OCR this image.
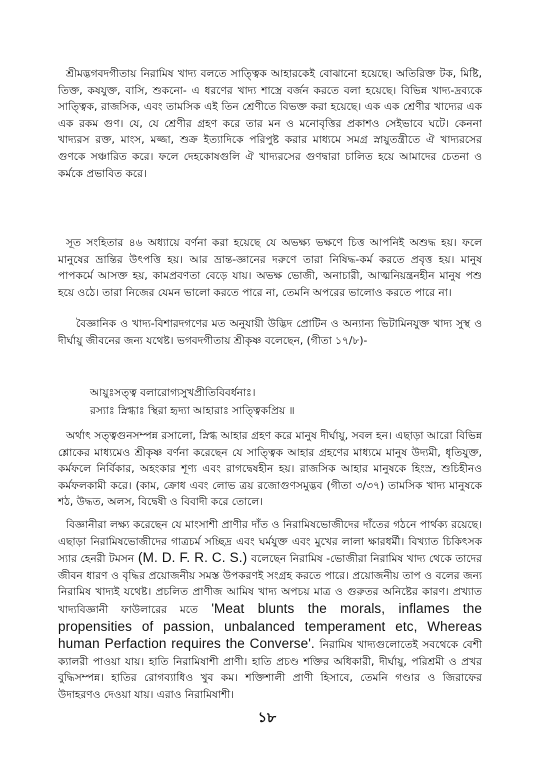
শ্রীমদ্ভগবদগীতায় নিরামিষ খাদ্য বলতে সাত্ত্বিক আহারকেই বোঝানো হয়েছে। অতিরিক্ত টক, মিষ্টি, তিক্ত, কষযুক্ত, বাসি, শুকনো- এ ধরণের খাদ্য শাস্ত্রে বর্জন করতে বলা হয়েছে। বিভিন্ন খাদ্য-দ্রব্যকে সাত্ত্বিক, রাজসিক, এবং তামসিক এই তিন শ্রেণীতে বিভক্ত করা হয়েছে। এক এক শ্রেণীর খাদ্যের এক এক রকম গুণ। যে, যে শ্রেণীর গ্রহণ করে তার মন ও মনোবৃত্তির প্রকাশও সেইভাবে ঘটে। কেননা খাদ্যরস রক্ত, মাংস, মজ্জা, শুক্র ইত্যাদিকে পরিপুষ্ট করার মাধ্যমে সমগ্র স্নায়ুতন্ত্রীতে ঐ খাদ্যরসের গুণকে সঞ্চারিত করে। ফলে দেহকোষগুলি ঐ খাদ্যরসের গুণদ্বারা চালিত হয়ে আমাদের চেতনা ও কর্মকে প্রভাবিত করে।

সূত সংহিতার ৪৬ অধ্যায়ে বর্ণনা করা হয়েছে যে অভক্ষ্য ভক্ষণে চিত্ত আপনিই অশুদ্ধ হয়। ফলে মানুষের ভ্রান্তির উৎপত্তি হয়। আর ভ্রান্ত-জ্ঞানের দরুণে তারা নিষিদ্ধ-কর্ম করতে প্রবৃত্ত হয়। মানুষ পাপকর্মে আসক্ত হয়, কামপ্রবণতা বেড়ে যায়। অভক্ষ ভোজী, অনাচারী, আত্মনিয়ন্ত্রনহীন মানুষ পশু হয়ে ওঠে। তারা নিজের যেমন ভালো করতে পারে না, তেমনি অপরের ভালোও করতে পারে না।

বৈজ্ঞানিক ও খাদ্য-বিশারদগণের মত অনুযায়ী উদ্ভিদ প্রোটিন ও অন্যান্য ভিটামিনযুক্ত খাদ্য সুস্থ ও দীর্ঘায়ু জীবনের জন্য যথেষ্ট। ভগবদগীতায় শ্রীকৃষ্ণ বলেছেন, (গীতা ১৭/৮)-

আয়ুঃসত্ত্ব বলারোগ্যসুখপ্রীতিবিবর্ধনাঃ।

রস্যাঃ স্নিগ্ধাঃ স্থিরা হৃদ্যা আহারাঃ সাত্ত্বিকপ্রিয় ॥

অর্থাৎ সত্ত্বগুনসম্পন্ন রসালো, স্নিগ্ধ আহার গ্রহণ করে মানুষ দীর্ঘায়ু, সবল হন। এছাড়া আরো বিভিন্ন শ্লোকের মাধ্যমেও শ্রীকৃষ্ণ বর্ণনা করেছেন যে সাত্ত্বিক আহার গ্রহণের মাধ্যমে মানুষ উদ্যমী, ধৃতিযুক্ত, কর্মফলে নির্বিকার, অহংকার শূণ্য এবং রাগদ্বেষহীন হয়। রাজসিক আহার মানুষকে হিংস্র, শুচিহীনও কর্মফলকামী করে। (কাম, ক্রোধ এবং লোভ ত্রয় রজোগুণসমুদ্ভব (গীতা ৩/৩৭) তামসিক খাদ্য মানুষকে শঠ, উদ্ধত, অলস, বিদ্বেষী ও বিবাদী করে তোলে।

বিজ্ঞানীরা লক্ষ্য করেছেন যে মাংসাশী প্রাণীর দাঁত ও নিরামিষভোজীদের দাঁতের গঠনে পার্থক্য রয়েছে। এছাড়া নিরামিষভোজীদের গাত্রচর্ম সচ্ছিদ্র এবং ঘর্মযুক্ত এবং মুখের লালা ক্ষারধর্মী। বিখ্যাত চিকিৎসক স্যার হেনরী টমসন (M. D. F. R. C. S.) বলেছেন নিরামিষ -ভোজীরা নিরামিষ খাদ্য থেকে তাদের জীবন ধারণ ও বৃদ্ধির প্রয়োজনীয় সমস্ত উপকরণই সংগ্রহ করতে পারে। প্রয়োজনীয় তাপ ও বলের জন্য নিরামিষ খাদ্যই যথেষ্ট। প্রচলিত প্রাণীজ আমিষ খাদ্য অপচয় মাত্র ও গুরুতর অনিষ্টের কারণ। প্রখ্যাত খাদ্যবিজ্ঞানী ফাউলারের মতে 'Meat blunts the morals, inflames the propensities of passion, unbalanced temperament etc, Whereas human Perfaction requires the Converse'. নিরামিষ খাদ্যগুলোতেই সবথেকে বেশী ক্যালরী পাওয়া যায়। হাতি নিরামিষাশী প্রাণী। হাতি প্রচণ্ড শক্তির অধিকারী, দীর্ঘায়ু, পরিশ্রমী ও প্রখর বুদ্ধিসম্পন্ন। হাতির রোগব্যাধিও খুব কম। শক্তিশালী প্রাণী হিসাবে, তেমনি গণ্ডার ও জিরাফের উদাহরণও দেওয়া যায়। এরাও নিরামিষাশী।

১৮
